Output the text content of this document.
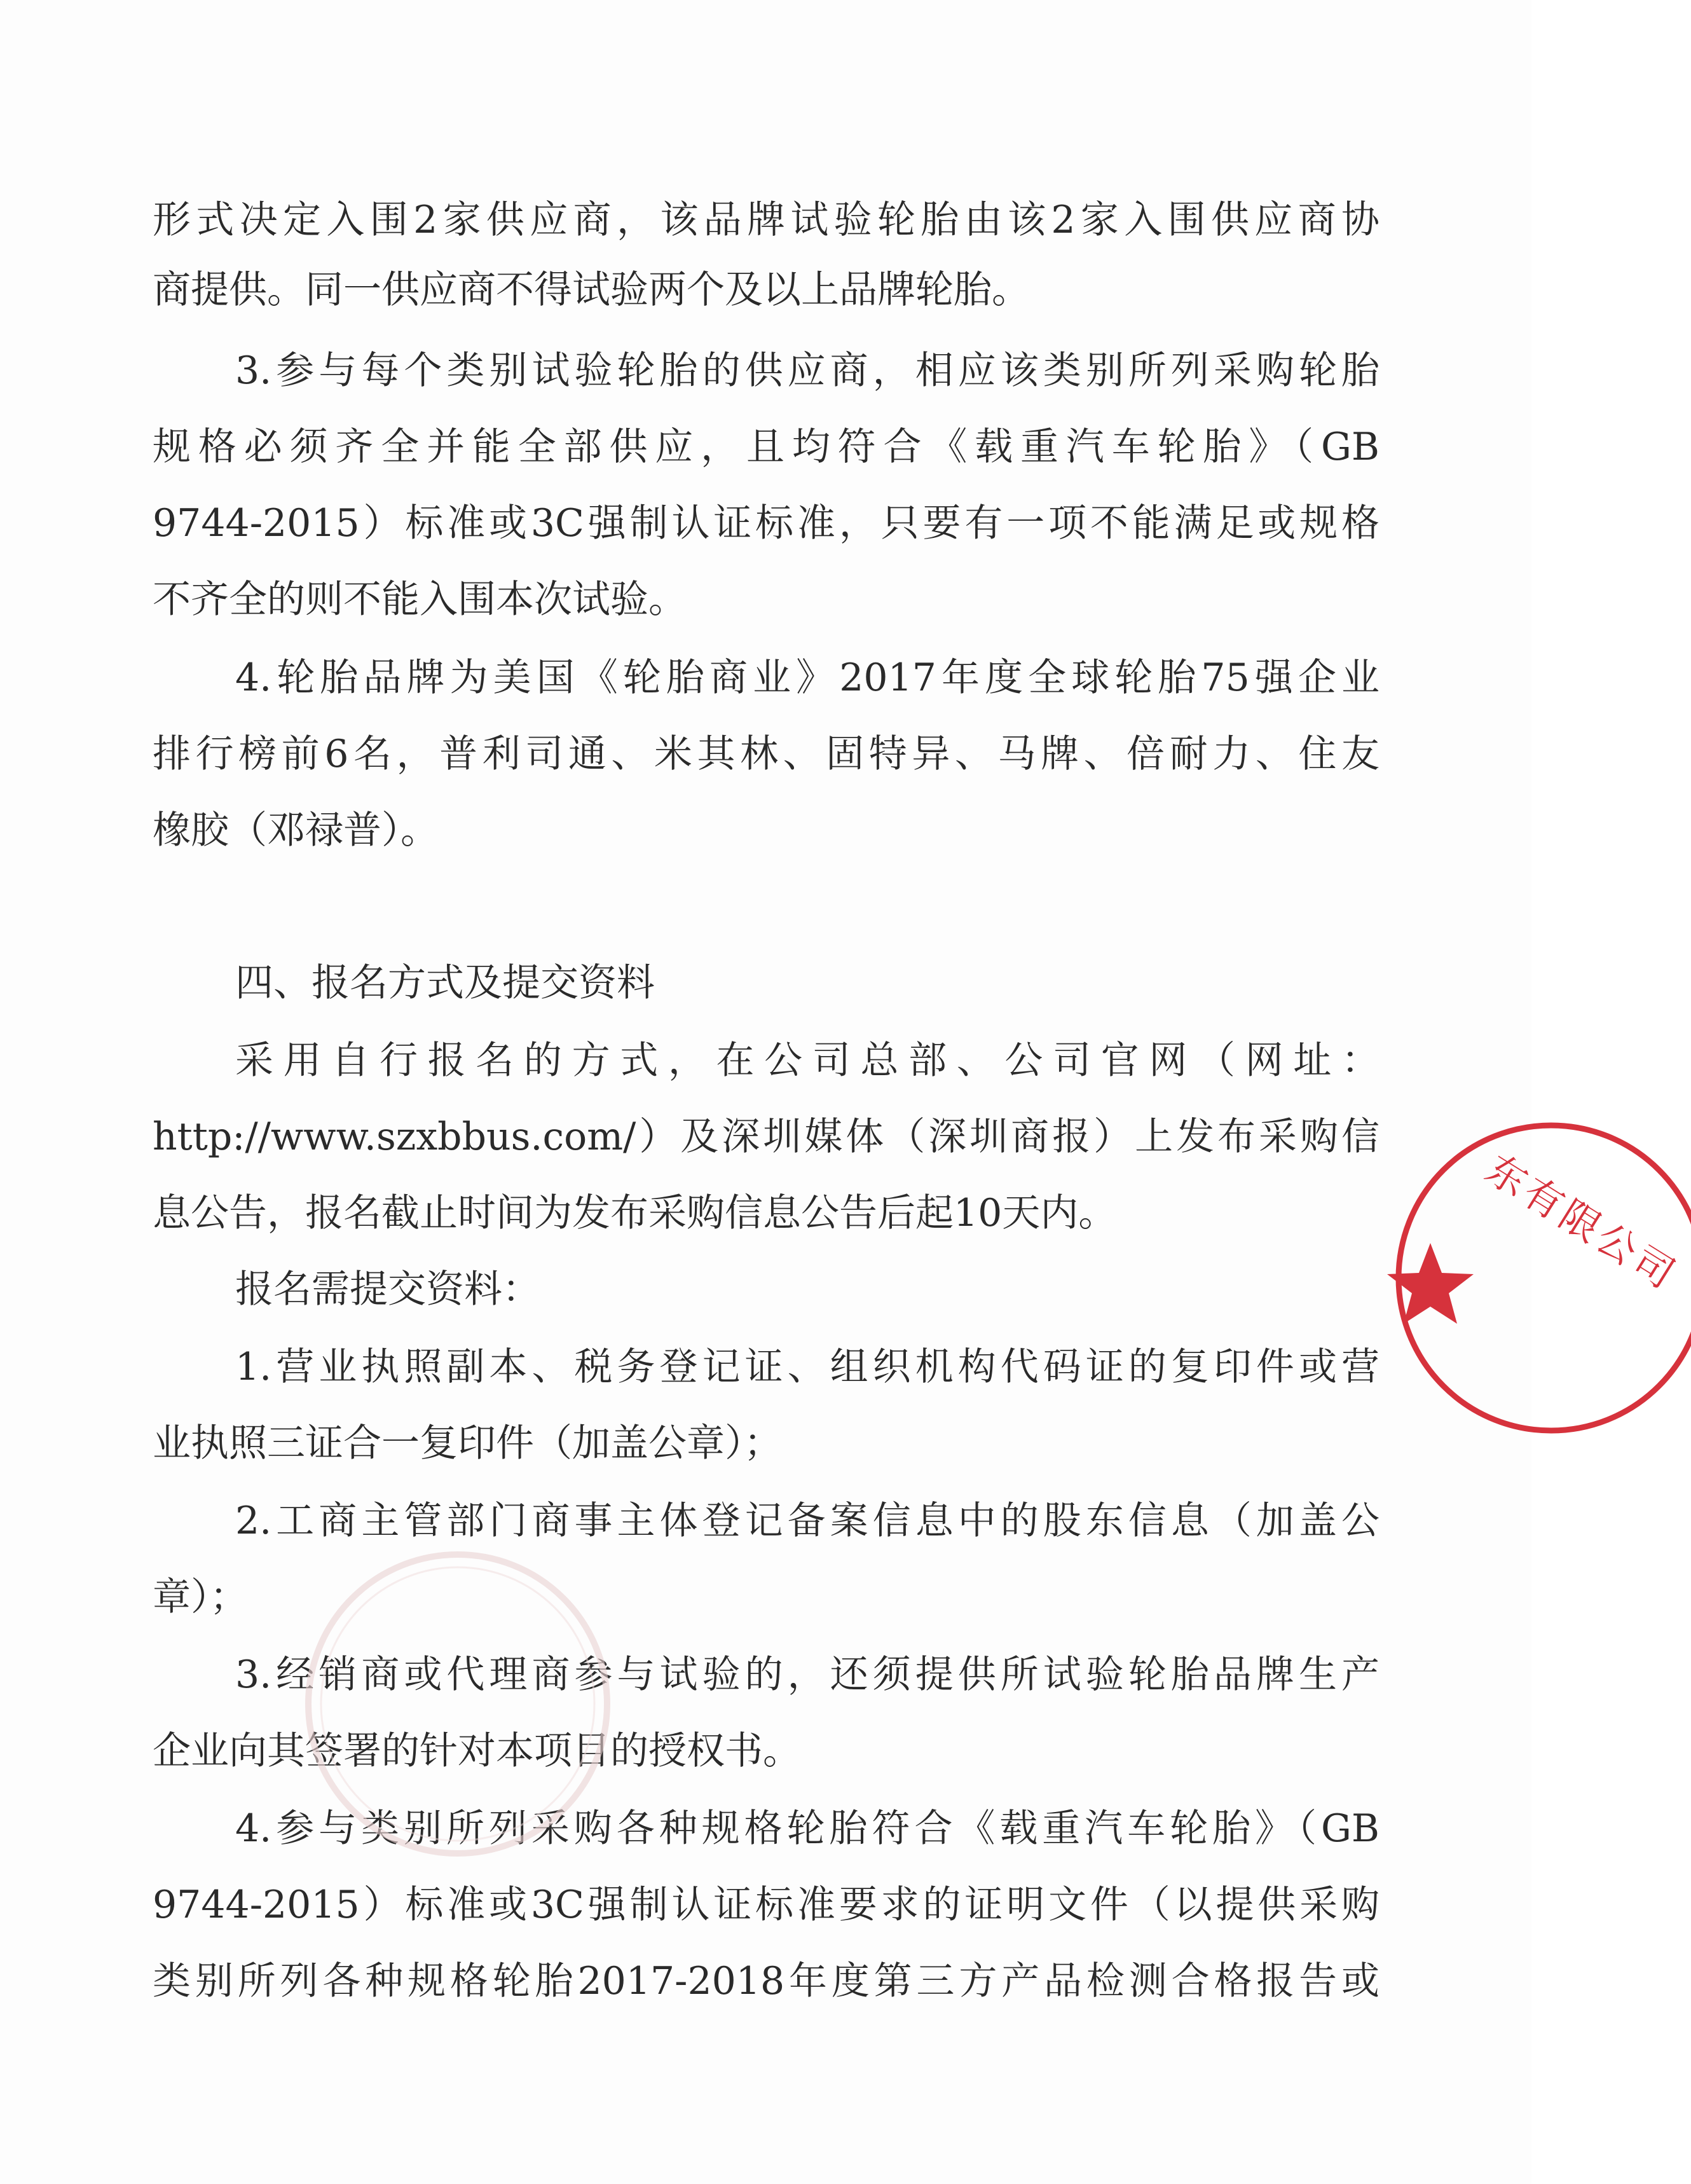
形式决定入围2家供应商，该品牌试验轮胎由该2家入围供应商协
商提供。同一供应商不得试验两个及以上品牌轮胎。
3.参与每个类别试验轮胎的供应商，相应该类别所列采购轮胎
规格必须齐全并能全部供应，且均符合《载重汽车轮胎》（GB
9744-2015）标准或3C强制认证标准，只要有一项不能满足或规格
不齐全的则不能入围本次试验。
4.轮胎品牌为美国《轮胎商业》2017年度全球轮胎75强企业
排行榜前6名，普利司通、米其林、固特异、马牌、倍耐力、住友
橡胶（邓禄普）。
四、报名方式及提交资料
采用自行报名的方式，在公司总部、公司官网（网址：
http://www.szxbbus.com/）及深圳媒体（深圳商报）上发布采购信
息公告，报名截止时间为发布采购信息公告后起10天内。
报名需提交资料：
1.营业执照副本、税务登记证、组织机构代码证的复印件或营
业执照三证合一复印件（加盖公章）；
2.工商主管部门商事主体登记备案信息中的股东信息（加盖公
章）；
3.经销商或代理商参与试验的，还须提供所试验轮胎品牌生产
企业向其签署的针对本项目的授权书。
4.参与类别所列采购各种规格轮胎符合《载重汽车轮胎》（GB
9744-2015）标准或3C强制认证标准要求的证明文件（以提供采购
类别所列各种规格轮胎2017-2018年度第三方产品检测合格报告或
东有限公司
